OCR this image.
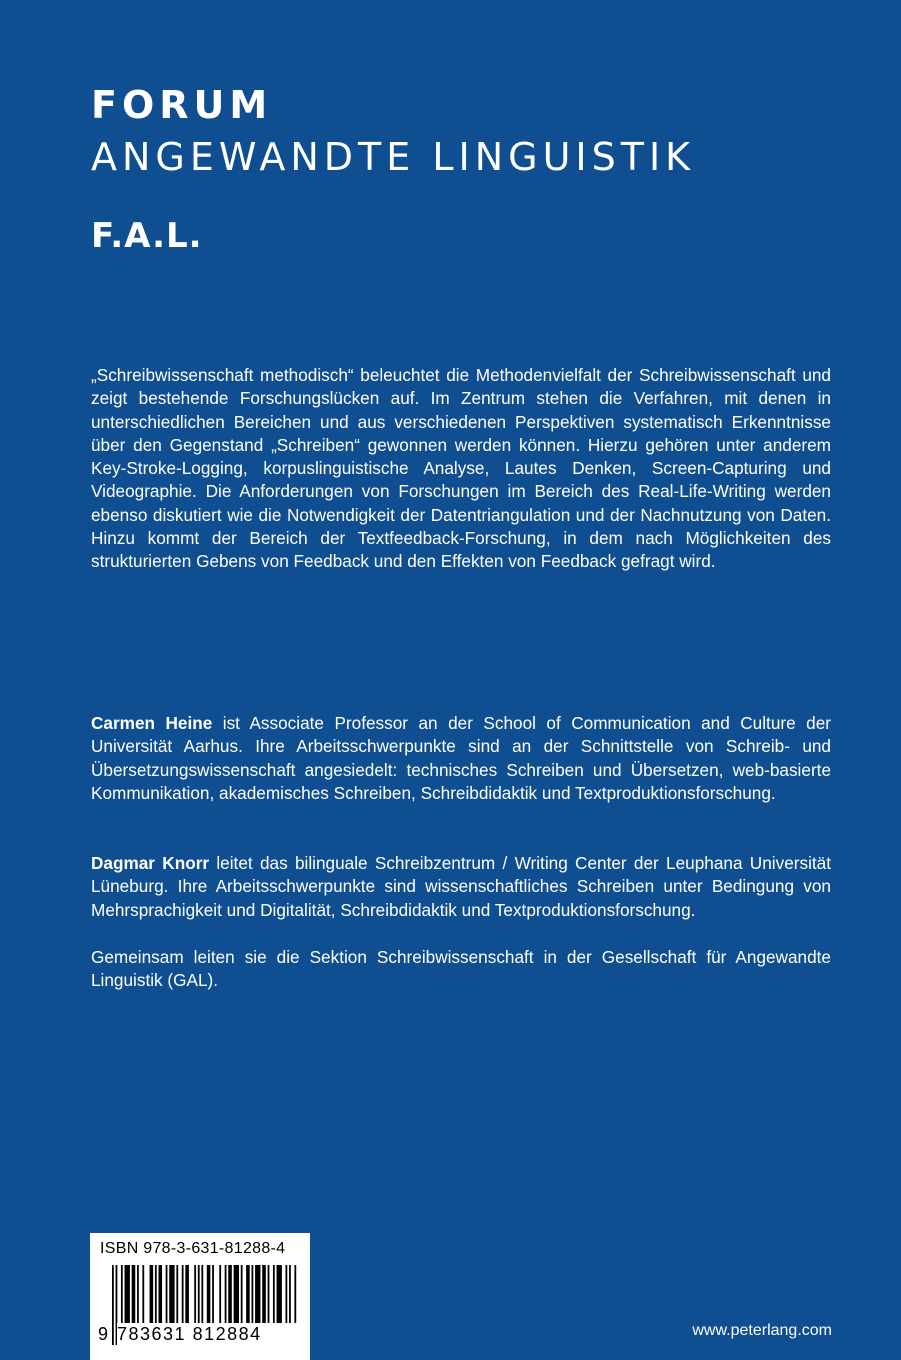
FORUM
ANGEWANDTE LINGUISTIK
F.A.L.

„Schreibwissenschaft methodisch“ beleuchtet die Methodenvielfalt der Schreibwissenschaft und zeigt bestehende Forschungslücken auf. Im Zentrum stehen die Verfahren, mit denen in unterschiedlichen Bereichen und aus verschiedenen Perspektiven systematisch Erkenntnisse über den Gegenstand „Schreiben“ gewonnen werden können. Hierzu gehören unter anderem Key-Stroke-Logging, korpuslinguistische Analyse, Lautes Denken, Screen-Capturing und Videographie. Die Anforderungen von Forschungen im Bereich des Real-Life-Writing werden ebenso diskutiert wie die Notwendigkeit der Datentriangulation und der Nachnutzung von Daten. Hinzu kommt der Bereich der Textfeedback-Forschung, in dem nach Möglichkeiten des strukturierten Gebens von Feedback und den Effekten von Feedback gefragt wird.

Carmen Heine ist Associate Professor an der School of Communication and Culture der Universität Aarhus. Ihre Arbeitsschwerpunkte sind an der Schnittstelle von Schreib- und Übersetzungswissenschaft angesiedelt: technisches Schreiben und Übersetzen, web-basierte Kommunikation, akademisches Schreiben, Schreibdidaktik und Textproduktionsforschung.

Dagmar Knorr leitet das bilinguale Schreibzentrum / Writing Center der Leuphana Universität Lüneburg. Ihre Arbeitsschwerpunkte sind wissenschaftliches Schreiben unter Bedingung von Mehrsprachigkeit und Digitalität, Schreibdidaktik und Textproduktionsforschung.

Gemeinsam leiten sie die Sektion Schreibwissenschaft in der Gesellschaft für Angewandte Linguistik (GAL).

ISBN 978-3-631-81288-4
9 783631 812884	www.peterlang.com
